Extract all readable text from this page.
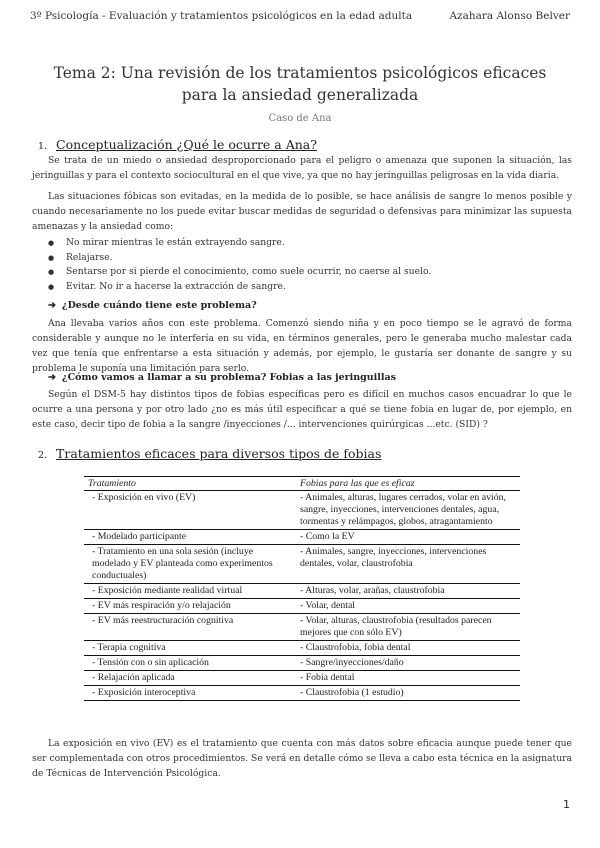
3º Psicología - Evaluación y tratamientos psicológicos en la edad adulta	Azahara Alonso Belver
Tema 2: Una revisión de los tratamientos psicológicos eficaces para la ansiedad generalizada
Caso de Ana
1. Conceptualización ¿Qué le ocurre a Ana?
Se trata de un miedo o ansiedad desproporcionado para el peligro o amenaza que suponen la situación, las jeringuillas y para el contexto sociocultural en el que vive, ya que no hay jeringuillas peligrosas en la vida diaria.
Las situaciones fóbicas son evitadas, en la medida de lo posible, se hace análisis de sangre lo menos posible y cuando necesariamente no los puede evitar buscar medidas de seguridad o defensivas para minimizar las supuesta amenazas y la ansiedad como:
● No mirar mientras le están extrayendo sangre.
● Relajarse.
● Sentarse por si pierde el conocimiento, como suele ocurrir, no caerse al suelo.
● Evitar. No ir a hacerse la extracción de sangre.
➔ ¿Desde cuándo tiene este problema?
Ana llevaba varios años con este problema. Comenzó siendo niña y en poco tiempo se le agravó de forma considerable y aunque no le interfería en su vida, en términos generales, pero le generaba mucho malestar cada vez que tenía que enfrentarse a esta situación y además, por ejemplo, le gustaría ser donante de sangre y su problema le suponía una limitación para serlo.
➔ ¿Cómo vamos a llamar a su problema? Fobias a las jeringuillas
Según el DSM-5 hay distintos tipos de fobias específicas pero es difícil en muchos casos encuadrar lo que le ocurre a una persona y por otro lado ¿no es más útil especificar a qué se tiene fobia en lugar de, por ejemplo, en este caso, decir tipo de fobia a la sangre /inyecciones /... intervenciones quirúrgicas ...etc. (SID) ?
2. Tratamientos eficaces para diversos tipos de fobias
Tratamiento	Fobias para las que es eficaz
- Exposición en vivo (EV)	- Animales, alturas, lugares cerrados, volar en avión, sangre, inyecciones, intervenciones dentales, agua, tormentas y relámpagos, globos, atragantamiento
- Modelado participante	- Como la EV
- Tratamiento en una sola sesión (incluye modelado y EV planteada como experimentos conductuales)	- Animales, sangre, inyecciones, intervenciones dentales, volar, claustrofobia
- Exposición mediante realidad virtual	- Alturas, volar, arañas, claustrofobia
- EV más respiración y/o relajación	- Volar, dental
- EV más reestructuración cognitiva	- Volar, alturas, claustrofobia (resultados parecen mejores que con sólo EV)
- Terapia cognitiva	- Claustrofobia, fobia dental
- Tensión con o sin aplicación	- Sangre/inyecciones/daño
- Relajación aplicada	- Fobia dental
- Exposición interoceptiva	- Claustrofobia (1 estudio)
La exposición en vivo (EV) es el tratamiento que cuenta con más datos sobre eficacia aunque puede tener que ser complementada con otros procedimientos. Se verá en detalle cómo se lleva a cabo esta técnica en la asignatura de Técnicas de Intervención Psicológica.
1
